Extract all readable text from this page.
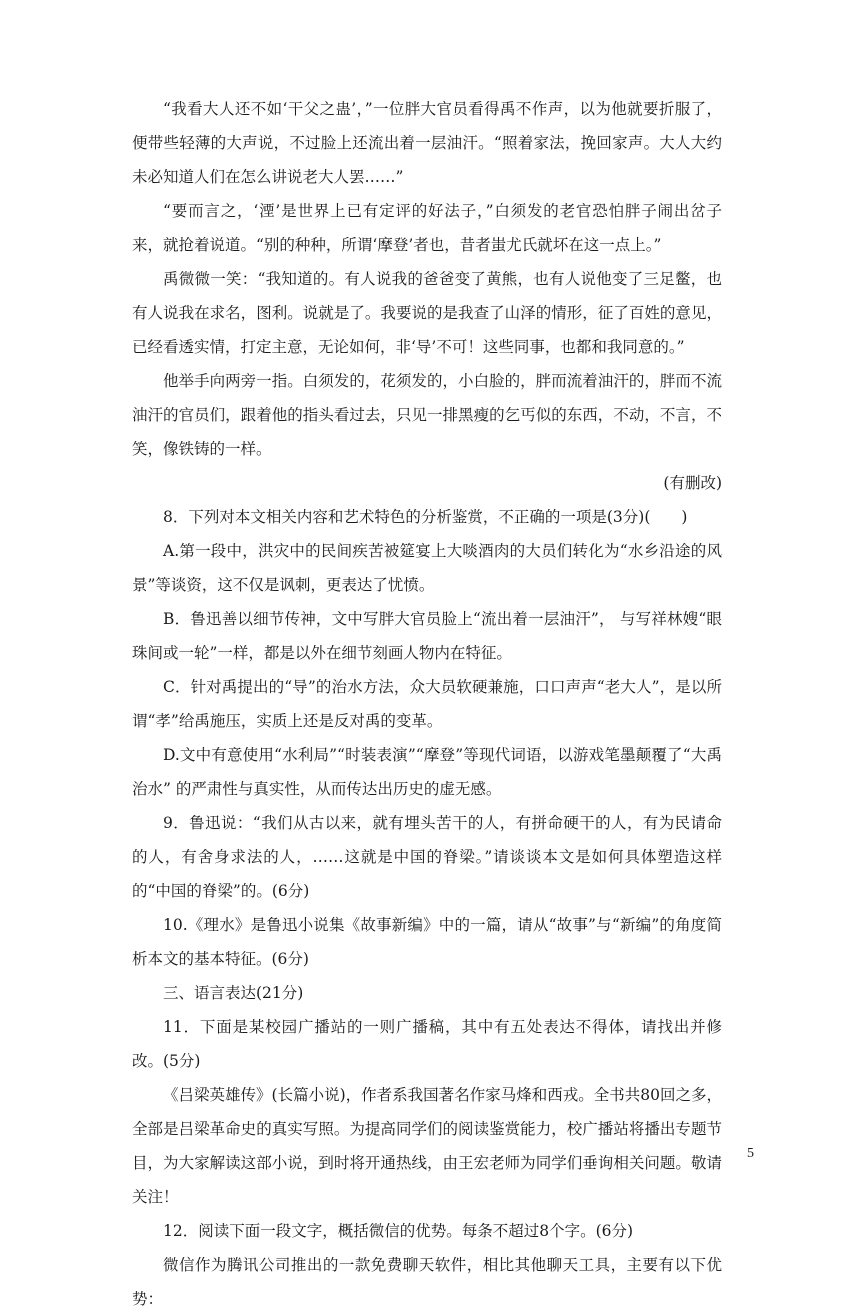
“我看大人还不如‘干父之蛊’，”一位胖大官员看得禹不作声，以为他就要折服了，便带些轻薄的大声说，不过脸上还流出着一层油汗。“照着家法，挽回家声。大人大约未必知道人们在怎么讲说老大人罢……”

“要而言之，‘湮’是世界上已有定评的好法子，”白须发的老官恐怕胖子闹出岔子来，就抢着说道。“别的种种，所谓‘摩登’者也，昔者蚩尤氏就坏在这一点上。”

禹微微一笑：“我知道的。有人说我的爸爸变了黄熊，也有人说他变了三足鳖，也有人说我在求名，图利。说就是了。我要说的是我查了山泽的情形，征了百姓的意见，已经看透实情，打定主意，无论如何，非‘导’不可！这些同事，也都和我同意的。”

他举手向两旁一指。白须发的，花须发的，小白脸的，胖而流着油汗的，胖而不流油汗的官员们，跟着他的指头看过去，只见一排黑瘦的乞丐似的东西，不动，不言，不笑，像铁铸的一样。

(有删改)

8．下列对本文相关内容和艺术特色的分析鉴赏，不正确的一项是(3分)(　　)

A.第一段中，洪灾中的民间疾苦被筵宴上大啖酒肉的大员们转化为“水乡沿途的风景”等谈资，这不仅是讽刺，更表达了忧愤。

B．鲁迅善以细节传神，文中写胖大官员脸上“流出着一层油汗”， 与写祥林嫂“眼珠间或一轮”一样，都是以外在细节刻画人物内在特征。

C．针对禹提出的“导”的治水方法，众大员软硬兼施，口口声声“老大人”，是以所谓“孝”给禹施压，实质上还是反对禹的变革。

D.文中有意使用“水利局”“时装表演”“摩登”等现代词语，以游戏笔墨颠覆了“大禹治水” 的严肃性与真实性，从而传达出历史的虚无感。

9．鲁迅说：“我们从古以来，就有埋头苦干的人，有拼命硬干的人，有为民请命的人，有舍身求法的人，……这就是中国的脊梁。”请谈谈本文是如何具体塑造这样的“中国的脊梁”的。(6分)

10.《理水》是鲁迅小说集《故事新编》中的一篇，请从“故事”与“新编”的角度简析本文的基本特征。(6分)

三、语言表达(21分)

11．下面是某校园广播站的一则广播稿，其中有五处表达不得体，请找出并修改。(5分)

《吕梁英雄传》(长篇小说)，作者系我国著名作家马烽和西戎。全书共80回之多，全部是吕梁革命史的真实写照。为提高同学们的阅读鉴赏能力，校广播站将播出专题节目，为大家解读这部小说，到时将开通热线，由王宏老师为同学们垂询相关问题。敬请关注！

12．阅读下面一段文字，概括微信的优势。每条不超过8个字。(6分)

微信作为腾讯公司推出的一款免费聊天软件，相比其他聊天工具，主要有以下优势：

5
